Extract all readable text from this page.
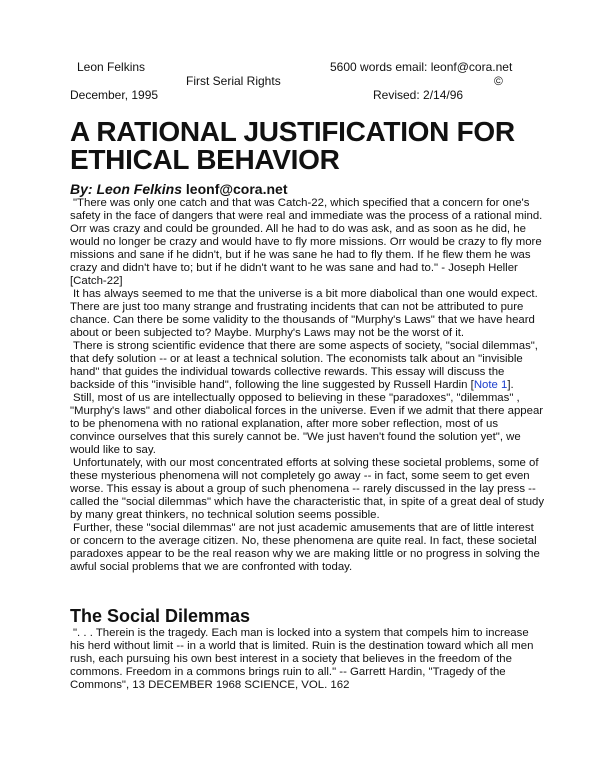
Leon Felkins	5600 words email: leonf@cora.net
First Serial Rights	©
December, 1995	Revised: 2/14/96
A RATIONAL JUSTIFICATION FOR ETHICAL BEHAVIOR
By: Leon Felkins leonf@cora.net

"There was only one catch and that was Catch-22, which specified that a concern for one's safety in the face of dangers that were real and immediate was the process of a rational mind. Orr was crazy and could be grounded. All he had to do was ask, and as soon as he did, he would no longer be crazy and would have to fly more missions. Orr would be crazy to fly more missions and sane if he didn't, but if he was sane he had to fly them. If he flew them he was crazy and didn't have to; but if he didn't want to he was sane and had to." - Joseph Heller [Catch-22]

It has always seemed to me that the universe is a bit more diabolical than one would expect. There are just too many strange and frustrating incidents that can not be attributed to pure chance. Can there be some validity to the thousands of "Murphy's Laws" that we have heard about or been subjected to? Maybe. Murphy's Laws may not be the worst of it.

There is strong scientific evidence that there are some aspects of society, "social dilemmas", that defy solution -- or at least a technical solution. The economists talk about an "invisible hand" that guides the individual towards collective rewards. This essay will discuss the backside of this "invisible hand", following the line suggested by Russell Hardin [Note 1].

Still, most of us are intellectually opposed to believing in these "paradoxes", "dilemmas" , "Murphy's laws" and other diabolical forces in the universe. Even if we admit that there appear to be phenomena with no rational explanation, after more sober reflection, most of us convince ourselves that this surely cannot be. "We just haven't found the solution yet", we would like to say.

Unfortunately, with our most concentrated efforts at solving these societal problems, some of these mysterious phenomena will not completely go away -- in fact, some seem to get even worse. This essay is about a group of such phenomena -- rarely discussed in the lay press -- called the "social dilemmas" which have the characteristic that, in spite of a great deal of study by many great thinkers, no technical solution seems possible.

Further, these "social dilemmas" are not just academic amusements that are of little interest or concern to the average citizen. No, these phenomena are quite real. In fact, these societal paradoxes appear to be the real reason why we are making little or no progress in solving the awful social problems that we are confronted with today.

The Social Dilemmas

". . . Therein is the tragedy. Each man is locked into a system that compels him to increase his herd without limit -- in a world that is limited. Ruin is the destination toward which all men rush, each pursuing his own best interest in a society that believes in the freedom of the commons. Freedom in a commons brings ruin to all." -- Garrett Hardin, "Tragedy of the Commons", 13 DECEMBER 1968 SCIENCE, VOL. 162
